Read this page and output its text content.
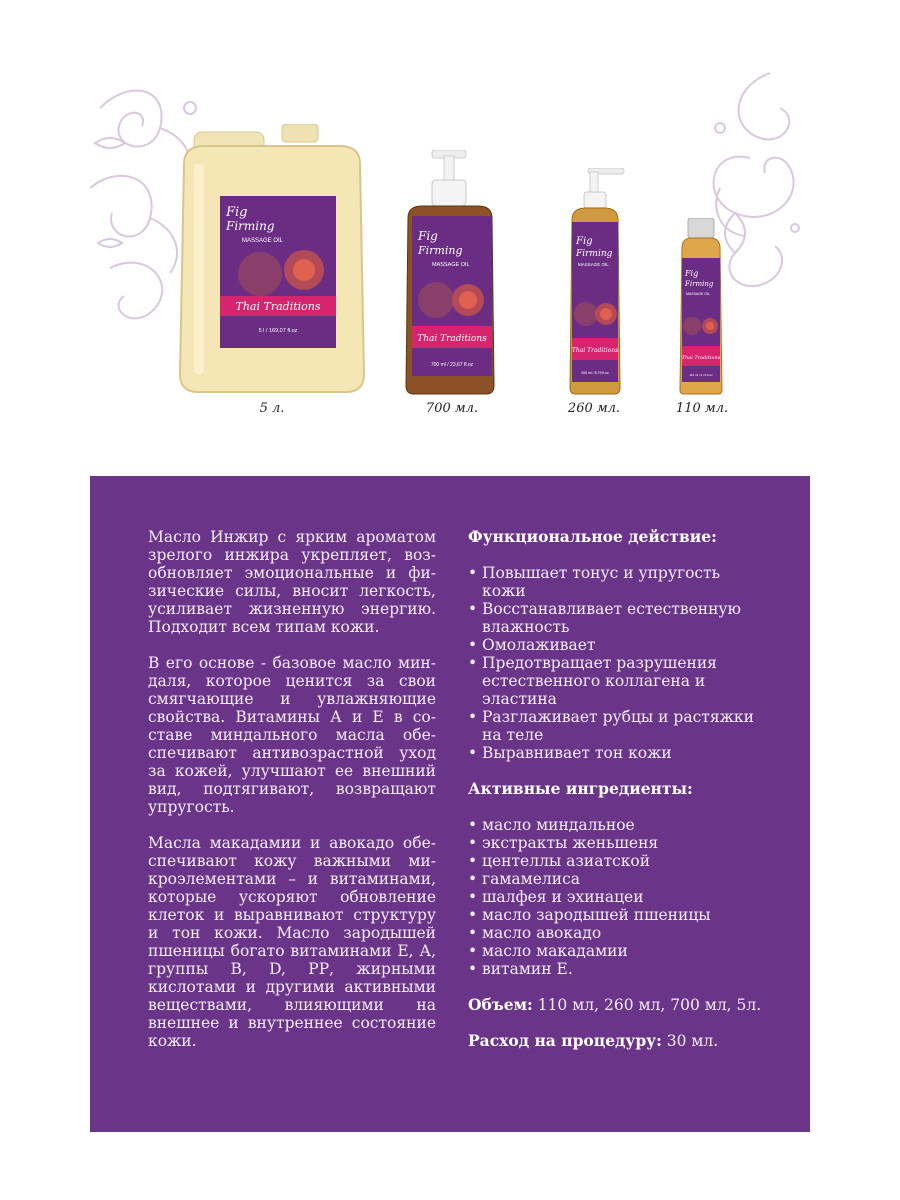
Fig
Firming
MASSAGE OIL
Thai Traditions
5 l / 169,07 fl.oz
Fig
Firming
MASSAGE OIL
Thai Traditions
700 ml / 23,67 fl.oz
Fig
Firming
MASSAGE OIL
Thai Traditions
260 ml / 8,79 fl.oz
Fig
Firming
MASSAGE OIL
Thai Traditions
110 ml / 3,72 fl.oz
5 л.	700 мл.	260 мл.	110 мл.

Масло Инжир с ярким ароматом зрелого инжира укрепляет, возобновляет эмоциональные и физические силы, вносит легкость, усиливает жизненную энергию. Подходит всем типам кожи.

В его основе - базовое масло миндаля, которое ценится за свои смягчающие и увлажняющие свойства. Витамины А и Е в составе миндального масла обеспечивают антивозрастной уход за кожей, улучшают ее внешний вид, подтягивают, возвращают упругость.

Масла макадамии и авокадо обеспечивают кожу важными микроэлементами – и витаминами, которые ускоряют обновление клеток и выравнивают структуру и тон кожи. Масло зародышей пшеницы богато витаминами Е, А, группы В, D, РР, жирными кислотами и другими активными веществами, влияющими на внешнее и внутреннее состояние кожи.

Функциональное действие:
• Повышает тонус и упругость кожи
• Восстанавливает естественную влажность
• Омолаживает
• Предотвращает разрушения естественного коллагена и эластина
• Разглаживает рубцы и растяжки на теле
• Выравнивает тон кожи
Активные ингредиенты:
• масло миндальное
• экстракты женьшеня
• центеллы азиатской
• гамамелиса
• шалфея и эхинацеи
• масло зародышей пшеницы
• масло авокадо
• масло макадамии
• витамин Е.
Объем: 110 мл, 260 мл, 700 мл, 5л.
Расход на процедуру: 30 мл.
